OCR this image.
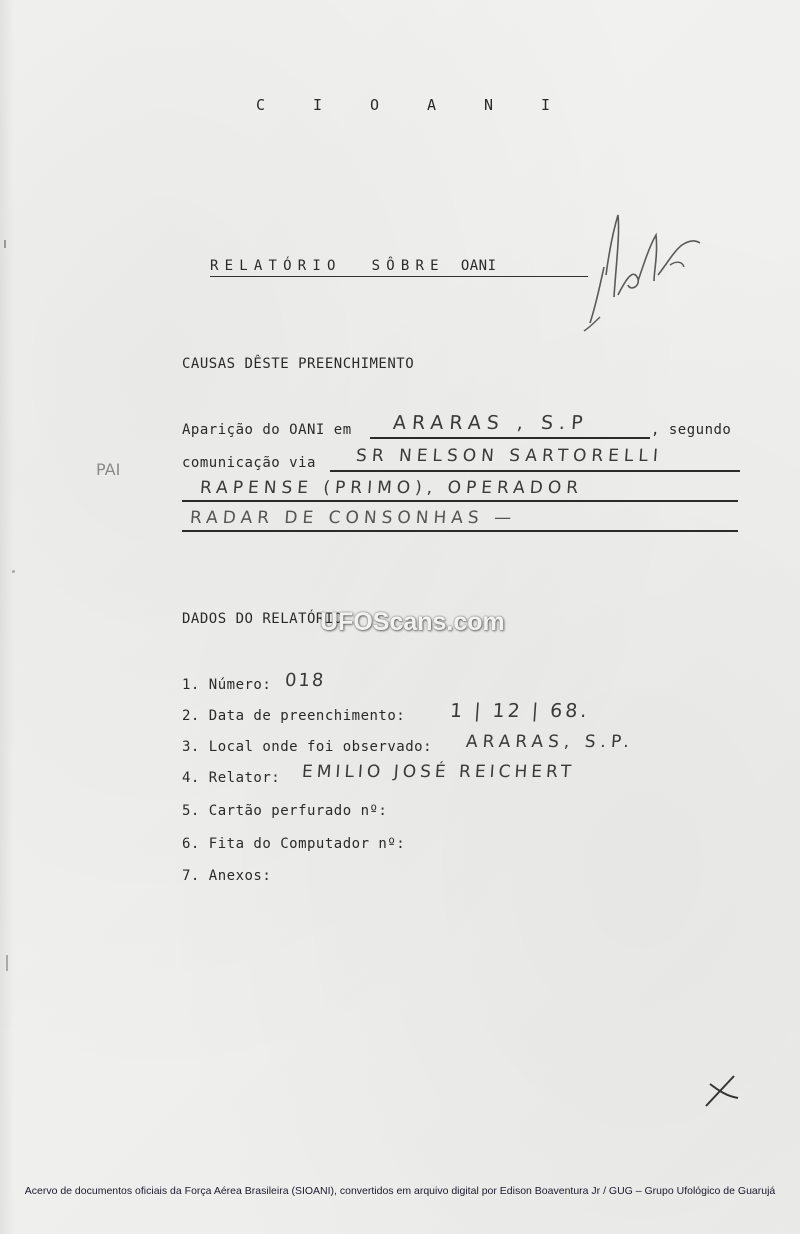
C	I	O	A	N	I
RELATÓRIO SÔBRE OANI
CAUSAS DÊSTE PREENCHIMENTO
Aparição do OANI em ARARAS , S.P	, segundo
comunicação via SR NELSON SARTORELLI
RAPENSE (PRIMO), OPERADOR
RADAR DE CONSONHAS —
PAI
DADOS DO RELATÓRIO
1. Número: 018
2. Data de preenchimento: 1 | 12 | 68.
3. Local onde foi observado: ARARAS, S.P.
4. Relator: EMILIO JOSÉ REICHERT
5. Cartão perfurado nº:
6. Fita do Computador nº:
7. Anexos:
UFOScans.com
Acervo de documentos oficiais da Força Aérea Brasileira (SIOANI), convertidos em arquivo digital por Edison Boaventura Jr / GUG – Grupo Ufológico de Guarujá
